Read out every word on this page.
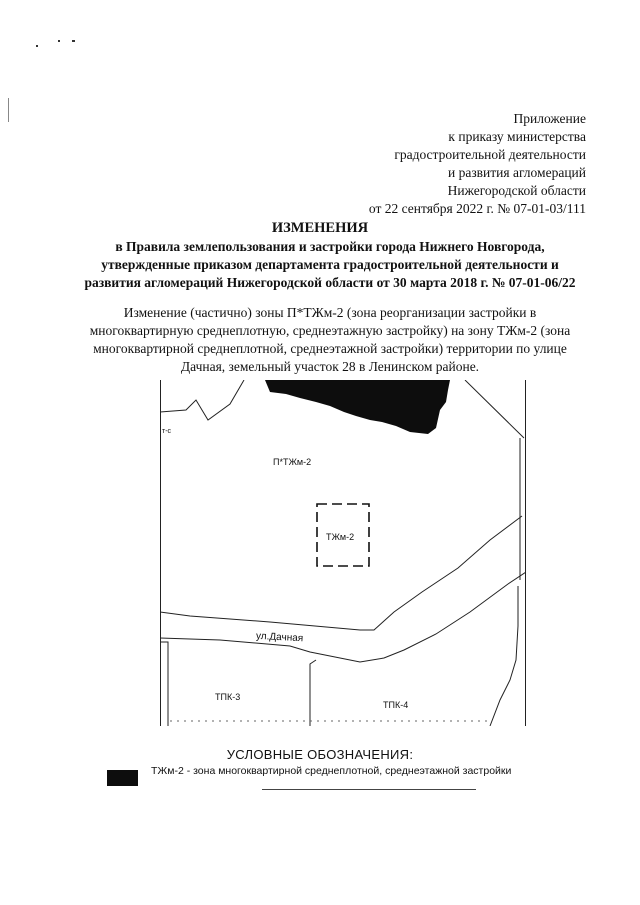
Приложение
к приказу министерства
градостроительной деятельности
и развития агломераций
Нижегородской области
от 22 сентября 2022 г. № 07-01-03/111
ИЗМЕНЕНИЯ
в Правила землепользования и застройки города Нижнего Новгорода,
утвержденные приказом департамента градостроительной деятельности и
развития агломераций Нижегородской области от 30 марта 2018 г. № 07-01-06/22
Изменение (частично) зоны П*ТЖм-2 (зона реорганизации застройки в
многоквартирную среднеплотную, среднеэтажную застройку) на зону ТЖм-2 (зона
многоквартирной среднеплотной, среднеэтажной застройки) территории по улице
Дачная, земельный участок 28 в Ленинском районе.
П*ТЖм-2
ТЖм-2
ул.Дачная
ТПК-3
ТПК-4
т-с
УСЛОВНЫЕ ОБОЗНАЧЕНИЯ:
ТЖм-2 - зона многоквартирной среднеплотной, среднеэтажной застройки
